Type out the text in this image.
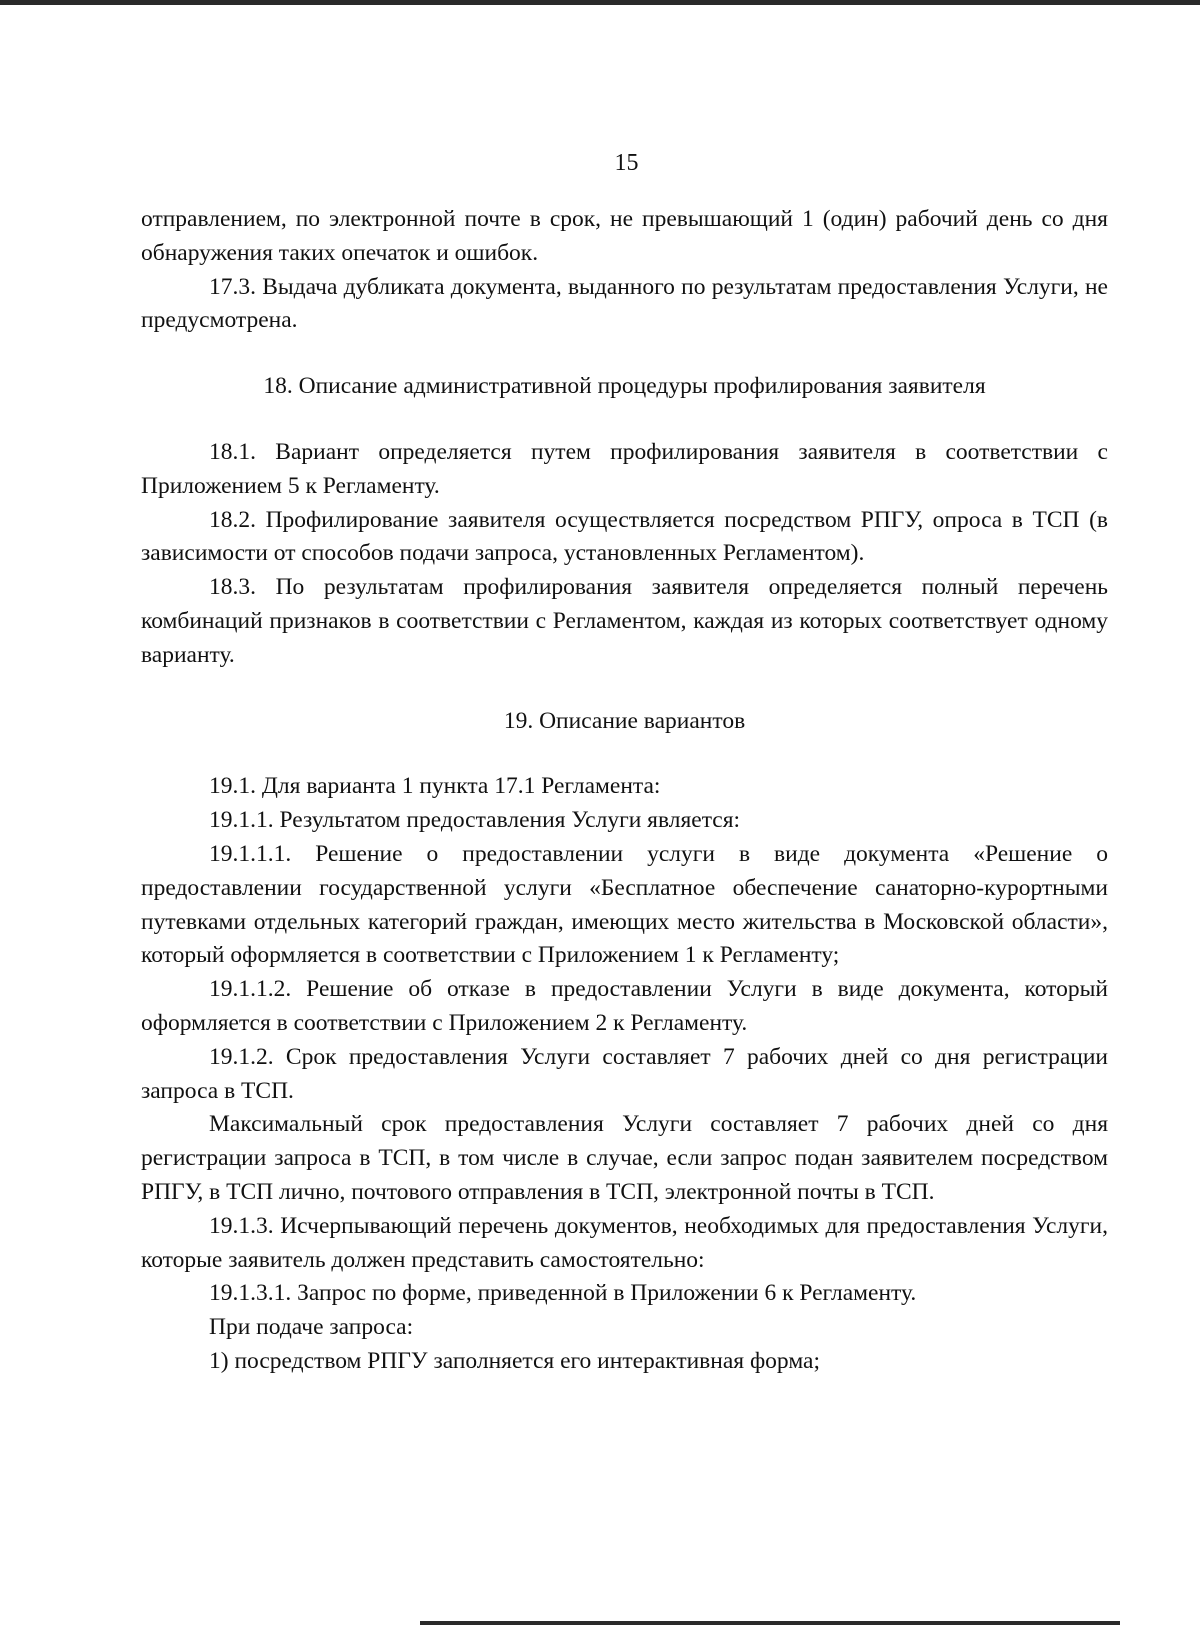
15

отправлением, по электронной почте в срок, не превышающий 1 (один) рабочий день со дня обнаружения таких опечаток и ошибок.

17.3. Выдача дубликата документа, выданного по результатам предоставления Услуги, не предусмотрена.

18. Описание административной процедуры профилирования заявителя

18.1. Вариант определяется путем профилирования заявителя в соответствии с Приложением 5 к Регламенту.

18.2. Профилирование заявителя осуществляется посредством РПГУ, опроса в ТСП (в зависимости от способов подачи запроса, установленных Регламентом).

18.3. По результатам профилирования заявителя определяется полный перечень комбинаций признаков в соответствии с Регламентом, каждая из которых соответствует одному варианту.

19. Описание вариантов

19.1. Для варианта 1 пункта 17.1 Регламента:

19.1.1. Результатом предоставления Услуги является:

19.1.1.1. Решение о предоставлении услуги в виде документа «Решение о предоставлении государственной услуги «Бесплатное обеспечение санаторно-курортными путевками отдельных категорий граждан, имеющих место жительства в Московской области», который оформляется в соответствии с Приложением 1 к Регламенту;

19.1.1.2. Решение об отказе в предоставлении Услуги в виде документа, который оформляется в соответствии с Приложением 2 к Регламенту.

19.1.2. Срок предоставления Услуги составляет 7 рабочих дней со дня регистрации запроса в ТСП.

Максимальный срок предоставления Услуги составляет 7 рабочих дней со дня регистрации запроса в ТСП, в том числе в случае, если запрос подан заявителем посредством РПГУ, в ТСП лично, почтового отправления в ТСП, электронной почты в ТСП.

19.1.3. Исчерпывающий перечень документов, необходимых для предоставления Услуги, которые заявитель должен представить самостоятельно:

19.1.3.1. Запрос по форме, приведенной в Приложении 6 к Регламенту.

При подаче запроса:

1) посредством РПГУ заполняется его интерактивная форма;
